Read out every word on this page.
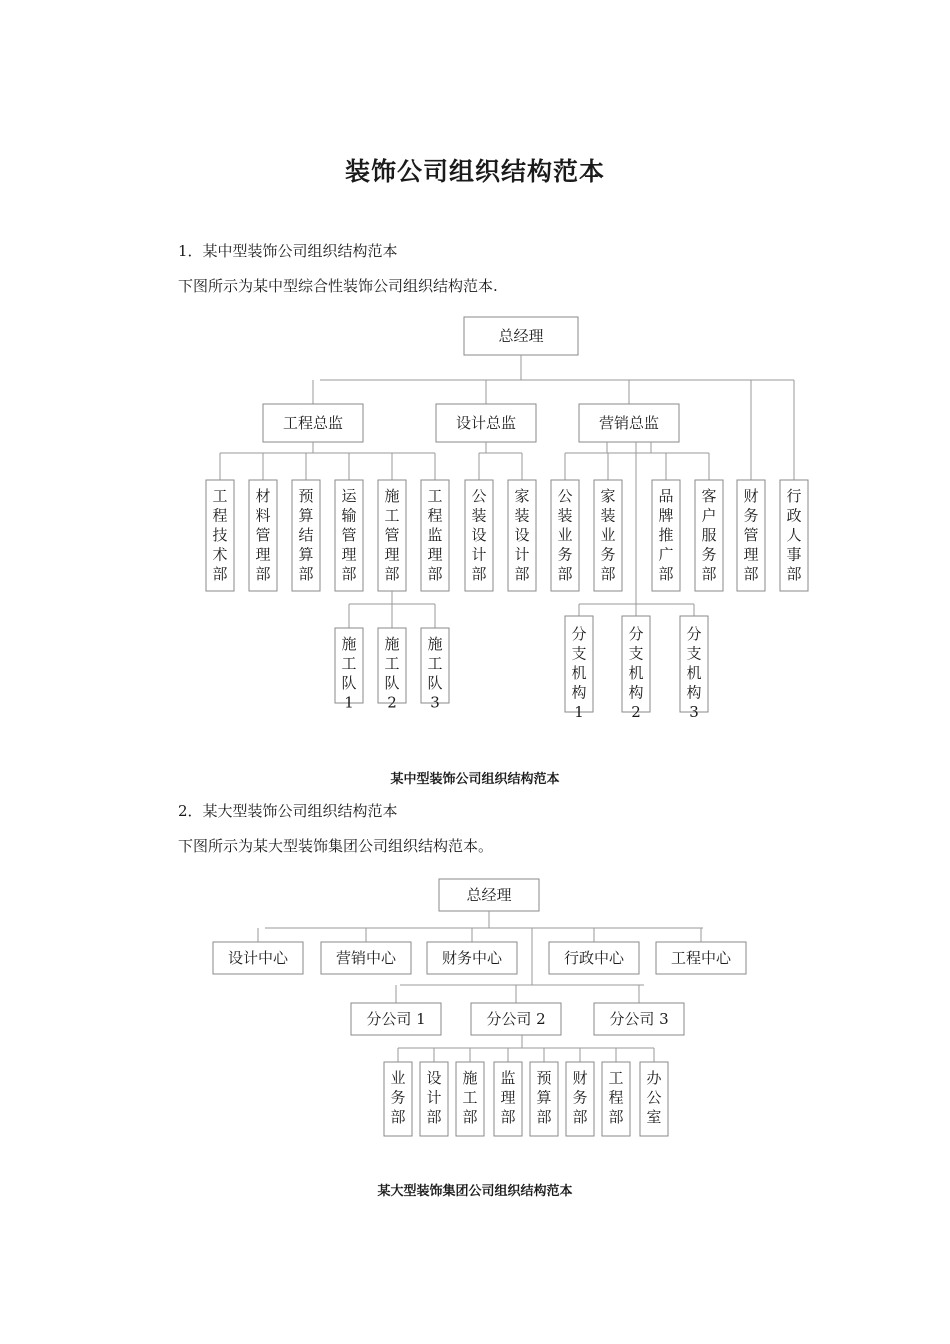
装饰公司组织结构范本
1．某中型装饰公司组织结构范本
下图所示为某中型综合性装饰公司组织结构范本.
某中型装饰公司组织结构范本
2．某大型装饰公司组织结构范本
下图所示为某大型装饰集团公司组织结构范本。
某大型装饰集团公司组织结构范本
总经理
工程总监	设计总监	营销总监
财务管理部
行政人事部
工程技术部
材料管理部
预算结算部
运输管理部
施工管理部
工程监理部
施工队 1
施工队 2
施工队 3
公装设计部
家装设计部
公装业务部
家装业务部
品牌推广部
客户服务部
分支机构 1
分支机构 2
分支机构 3
总经理
设计中心	营销中心	财务中心	行政中心	工程中心
分公司 1	分公司 2	分公司 3
业务部
设计部
施工部
监理部
预算部
财务部
工程部
办公室
